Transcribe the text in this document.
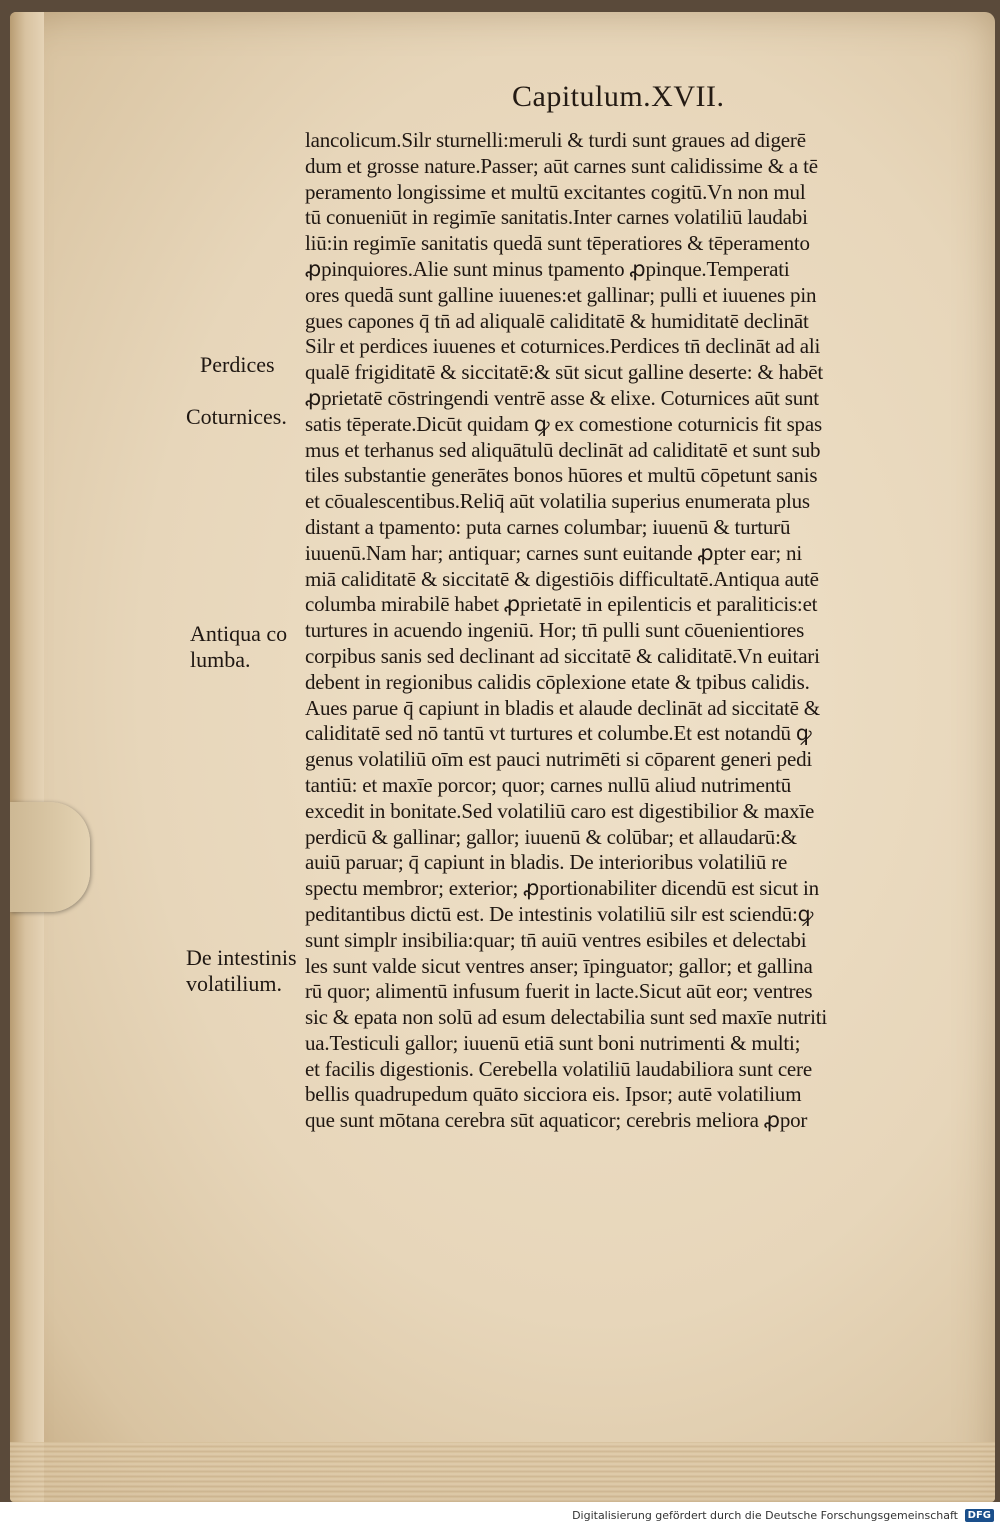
Capitulum.XVII.
Perdices
Coturnices.
Antiqua co
lumba.
De intestinis
volatilium.
lancolicum.Silr sturnelli:meruli & turdi sunt graues ad digerē
dum et grosse nature.Passer; aūt carnes sunt calidissime & a tē
peramento longissime et multū excitantes cogitū.Vn non mul
tū conueniūt in regimīe sanitatis.Inter carnes volatiliū laudabi
liū:in regimīe sanitatis quedā sunt tēperatiores & tēperamento
ꝓpinquiores.Alie sunt minus tpamento ꝓpinque.Temperati
ores quedā sunt galline iuuenes:et gallinar; pulli et iuuenes pin
gues capones q̄ tn̄ ad aliqualē caliditatē & humiditatē declināt
Silr et perdices iuuenes et coturnices.Perdices tn̄ declināt ad ali
qualē frigiditatē & siccitatē:& sūt sicut galline deserte: & habēt
ꝓprietatē cōstringendi ventrē asse & elixe. Coturnices aūt sunt
satis tēperate.Dicūt quidam ꝙ ex comestione coturnicis fit spas
mus et terhanus sed aliquātulū declināt ad caliditatē et sunt sub
tiles substantie generātes bonos hūores et multū cōpetunt sanis
et cōualescentibus.Reliq̄ aūt volatilia superius enumerata plus
distant a tpamento: puta carnes columbar; iuuenū & turturū
iuuenū.Nam har; antiquar; carnes sunt euitande ꝓpter ear; ni
miā caliditatē & siccitatē & digestiōis difficultatē.Antiqua autē
columba mirabilē habet ꝓprietatē in epilenticis et paraliticis:et
turtures in acuendo ingeniū. Hor; tn̄ pulli sunt cōuenientiores
corpibus sanis sed declinant ad siccitatē & caliditatē.Vn euitari
debent in regionibus calidis cōplexione etate & tpibus calidis.
Aues parue q̄ capiunt in bladis et alaude declināt ad siccitatē &
caliditatē sed nō tantū vt turtures et columbe.Et est notandū ꝙ
genus volatiliū oīm est pauci nutrimēti si cōparent generi pedi
tantiū: et maxīe porcor; quor; carnes nullū aliud nutrimentū
excedit in bonitate.Sed volatiliū caro est digestibilior & maxīe
perdicū & gallinar; gallor; iuuenū & colūbar; et allaudarū:&
auiū paruar; q̄ capiunt in bladis. De interioribus volatiliū re
spectu membror; exterior; ꝓportionabiliter dicendū est sicut in
peditantibus dictū est. De intestinis volatiliū silr est sciendū:ꝙ
sunt simplr insibilia:quar; tn̄ auiū ventres esibiles et delectabi
les sunt valde sicut ventres anser; īpinguator; gallor; et gallina
rū quor; alimentū infusum fuerit in lacte.Sicut aūt eor; ventres
sic & epata non solū ad esum delectabilia sunt sed maxīe nutriti
ua.Testiculi gallor; iuuenū etiā sunt boni nutrimenti & multi;
et facilis digestionis. Cerebella volatiliū laudabiliora sunt cere
bellis quadrupedum quāto sicciora eis. Ipsor; autē volatilium
que sunt mōtana cerebra sūt aquaticor; cerebris meliora ꝓpor
Digitalisierung gefördert durch die Deutsche Forschungsgemeinschaft DFG
